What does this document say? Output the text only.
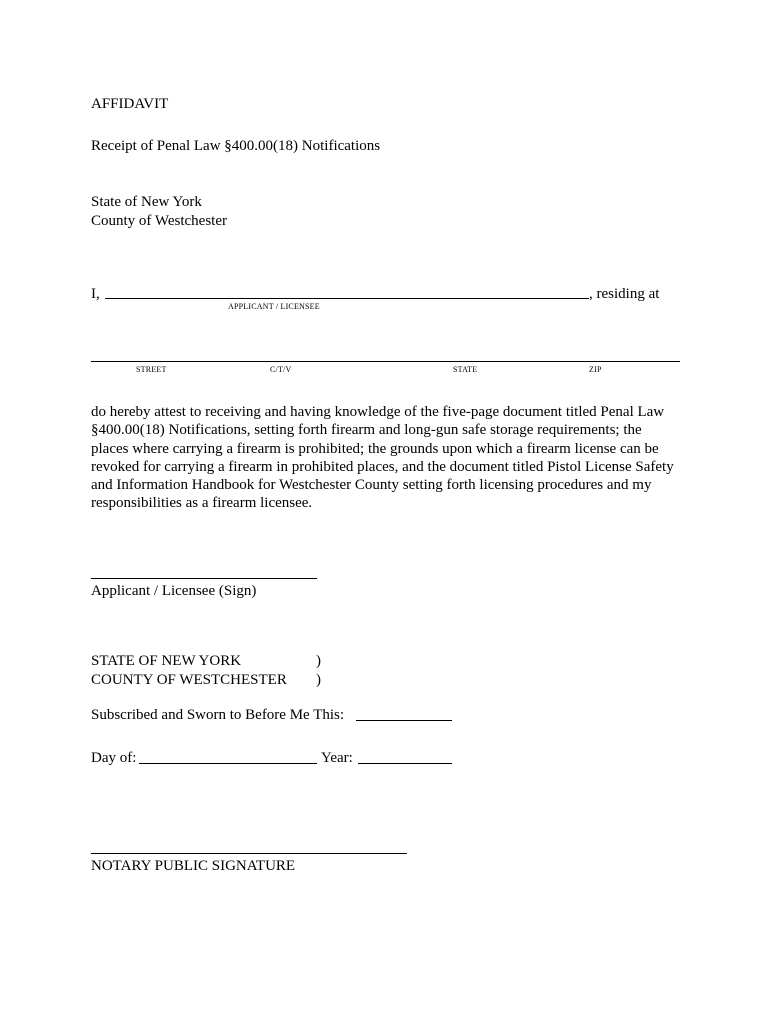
AFFIDAVIT
Receipt of Penal Law §400.00(18) Notifications
State of New York
County of Westchester
I,	, residing at
APPLICANT / LICENSEE
STREET	C/T/V	STATE	ZIP
do hereby attest to receiving and having knowledge of the five-page document titled Penal Law §400.00(18) Notifications, setting forth firearm and long-gun safe storage requirements; the places where carrying a firearm is prohibited; the grounds upon which a firearm license can be revoked for carrying a firearm in prohibited places, and the document titled Pistol License Safety and Information Handbook for Westchester County setting forth licensing procedures and my responsibilities as a firearm licensee.
Applicant / Licensee (Sign)
STATE OF NEW YORK	)
COUNTY OF WESTCHESTER )
Subscribed and Sworn to Before Me This:
Day of:	Year:
NOTARY PUBLIC SIGNATURE
